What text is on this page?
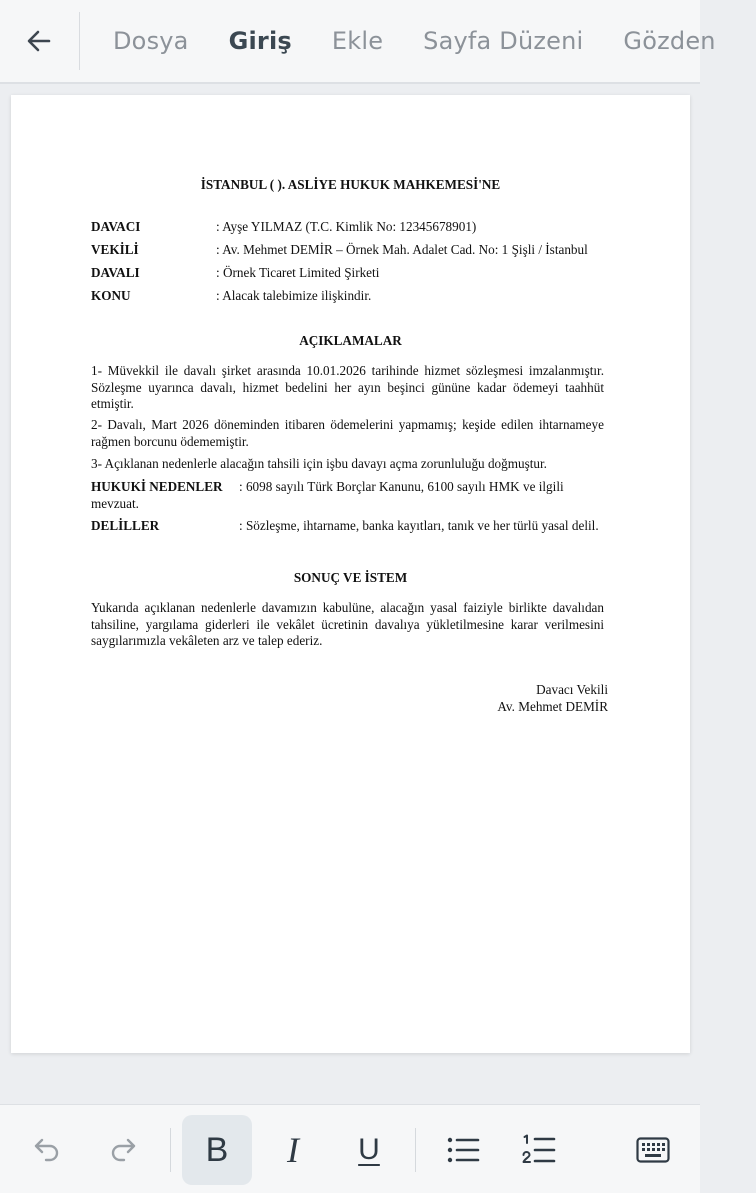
Dosya Giriş Ekle Sayfa Düzeni Gözden
İSTANBUL ( ). ASLİYE HUKUK MAHKEMESİ'NE
DAVACI	: Ayşe YILMAZ (T.C. Kimlik No: 12345678901)
VEKİLİ	: Av. Mehmet DEMİR – Örnek Mah. Adalet Cad. No: 1 Şişli / İstanbul
DAVALI	: Örnek Ticaret Limited Şirketi
KONU	: Alacak talebimize ilişkindir.
AÇIKLAMALAR
1- Müvekkil ile davalı şirket arasında 10.01.2026 tarihinde hizmet sözleşmesi imzalanmıştır. Sözleşme uyarınca davalı, hizmet bedelini her ayın beşinci gününe kadar ödemeyi taahhüt etmiştir.
2- Davalı, Mart 2026 döneminden itibaren ödemelerini yapmamış; keşide edilen ihtarnameye rağmen borcunu ödememiştir.
3- Açıklanan nedenlerle alacağın tahsili için işbu davayı açma zorunluluğu doğmuştur.
HUKUKİ NEDENLER : 6098 sayılı Türk Borçlar Kanunu, 6100 sayılı HMK ve ilgili mevzuat.
DELİLLER	: Sözleşme, ihtarname, banka kayıtları, tanık ve her türlü yasal delil.
SONUÇ VE İSTEM
Yukarıda açıklanan nedenlerle davamızın kabulüne, alacağın yasal faiziyle birlikte davalıdan tahsiline, yargılama giderleri ile vekâlet ücretinin davalıya yükletilmesine karar verilmesini saygılarımızla vekâleten arz ve talep ederiz.
Davacı Vekili
Av. Mehmet DEMİR
B I U
